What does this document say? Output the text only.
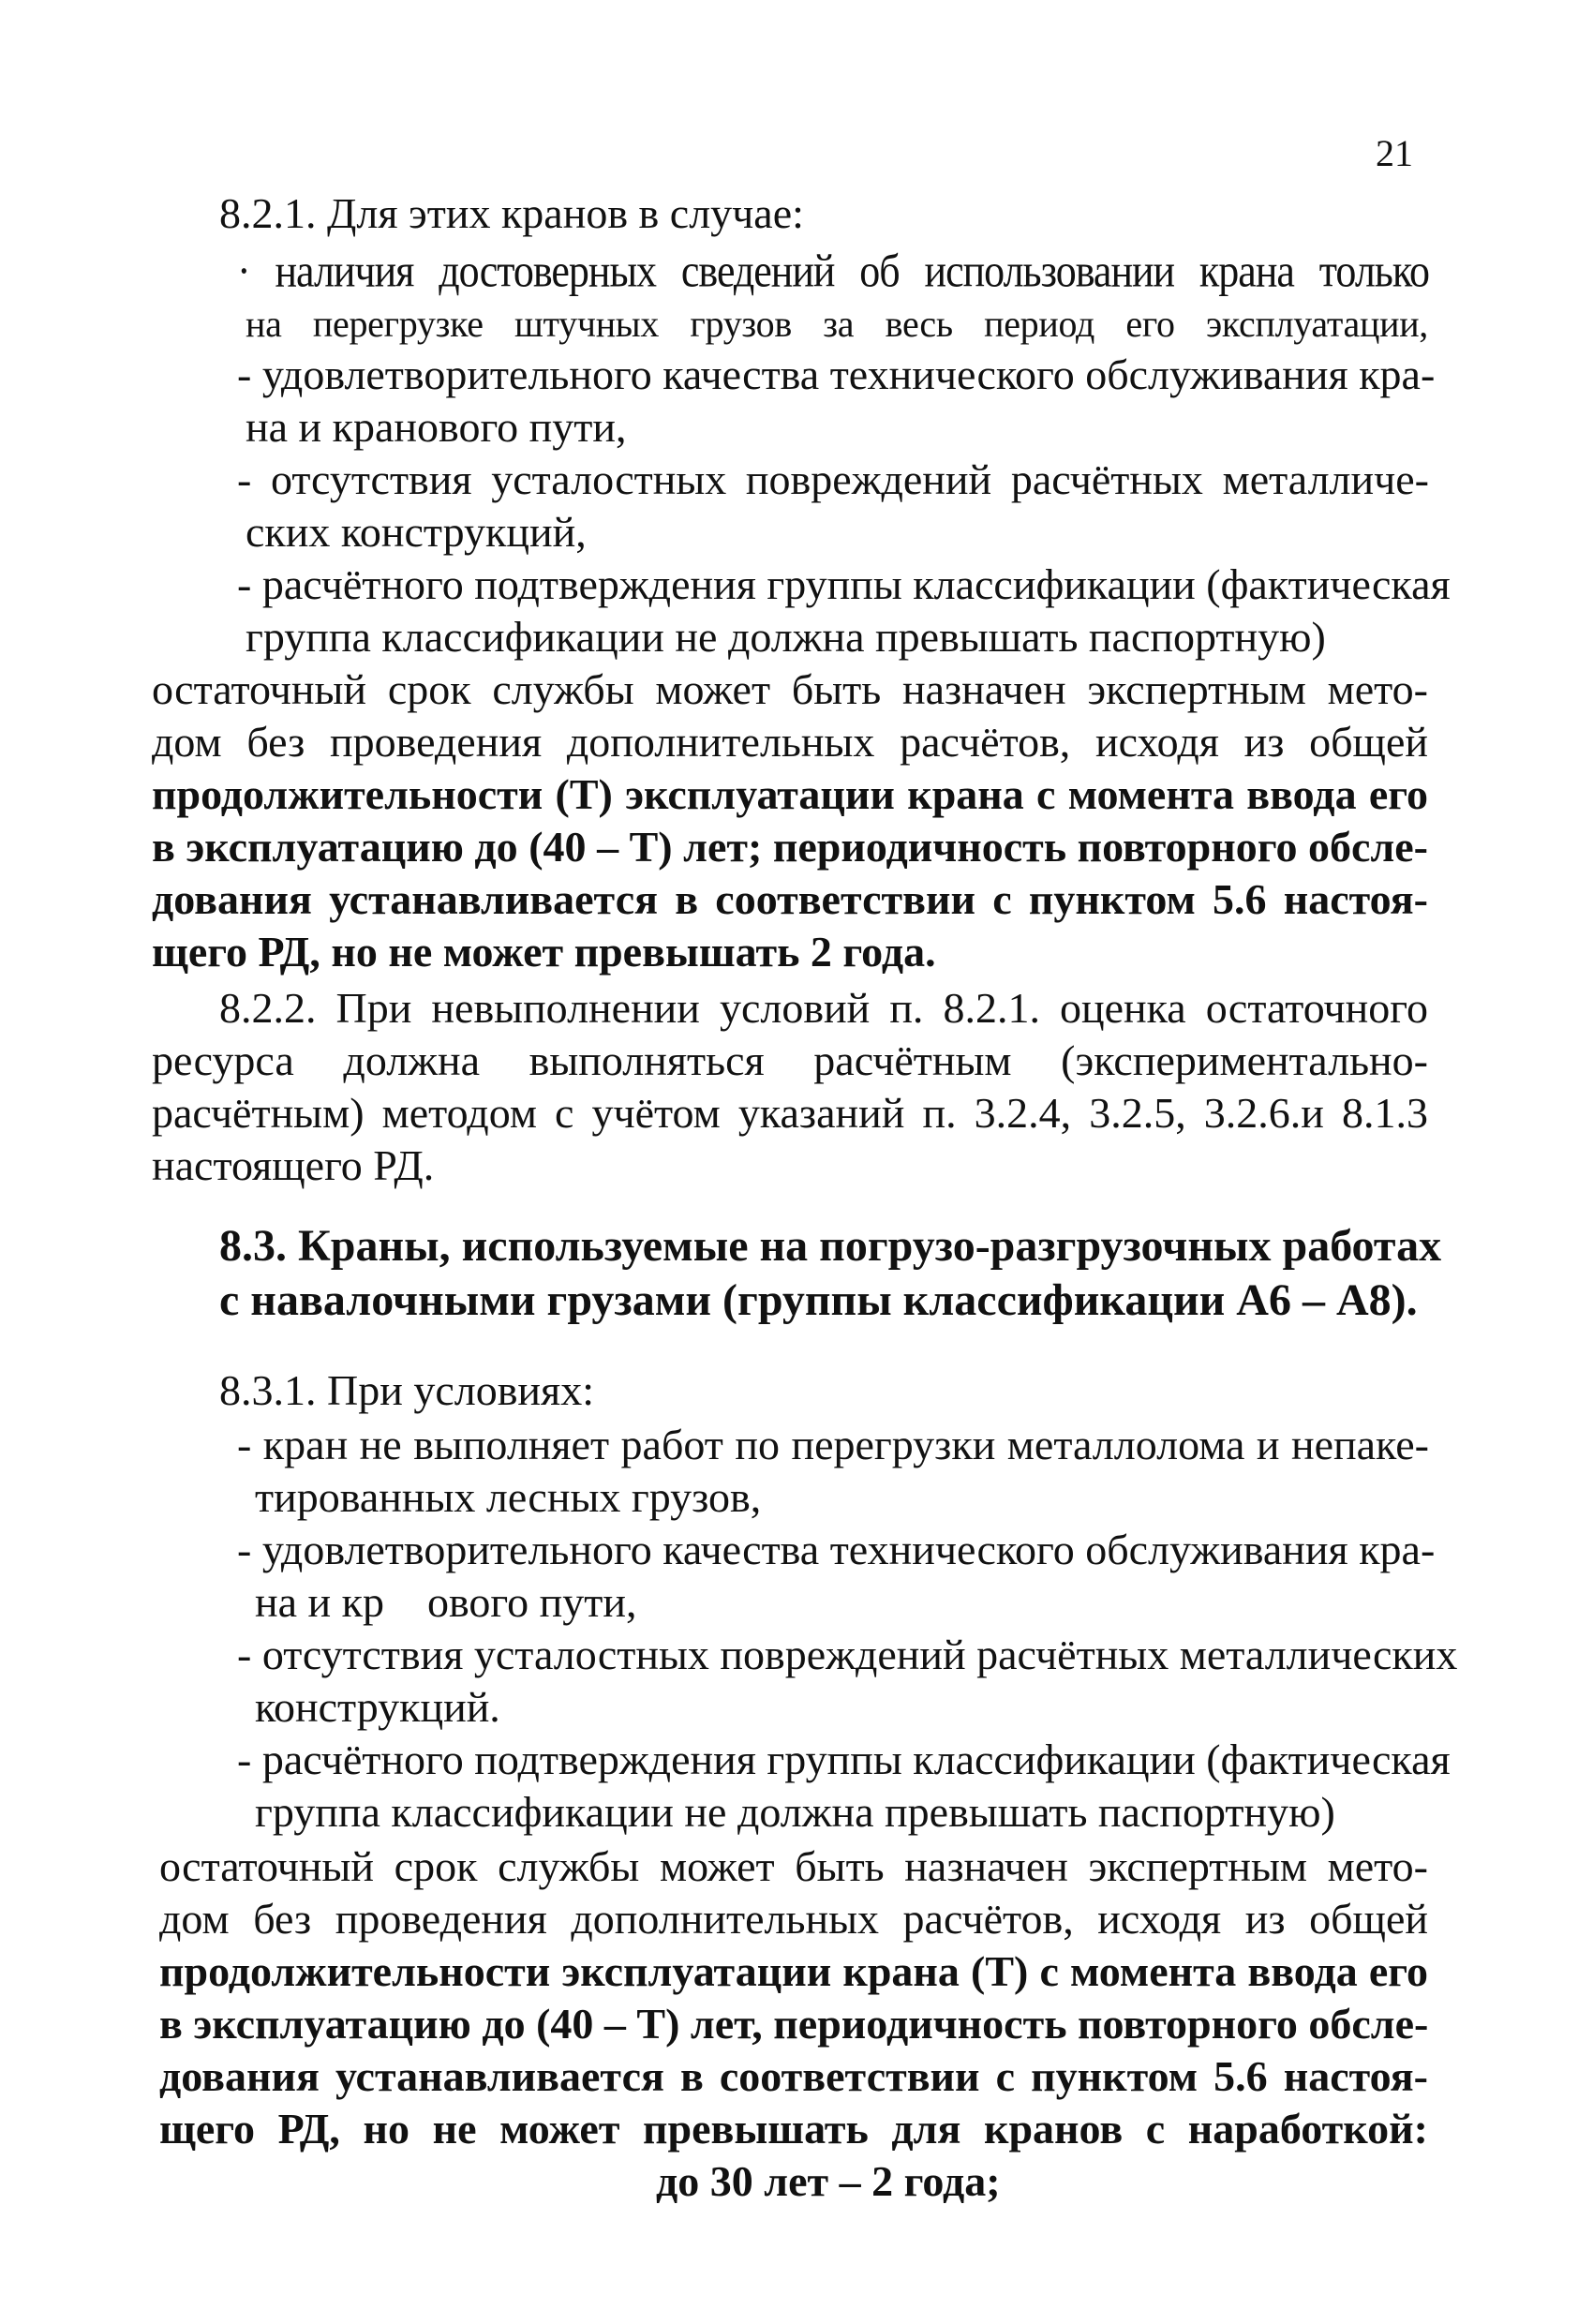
21
8.2.1. Для этих кранов в случае:
· наличия достоверных сведений об использовании крана только
на перегрузке штучных грузов за весь период его эксплуатации,
- удовлетворительного качества технического обслуживания кра-
на и кранового пути,
- отсутствия усталостных повреждений расчётных металличе-
ских конструкций,
- расчётного подтверждения группы классификации (фактическая
группа классификации не должна превышать паспортную)
остаточный срок службы может быть назначен экспертным мето-
дом без проведения дополнительных расчётов, исходя из общей
продолжительности (Т) эксплуатации крана с момента ввода его
в эксплуатацию до (40 – Т) лет; периодичность повторного обсле-
дования устанавливается в соответствии с пунктом 5.6 настоя-
щего РД, но не может превышать 2 года.
8.2.2. При невыполнении условий п. 8.2.1. оценка остаточного
ресурса должна выполняться расчётным (экспериментально-
расчётным) методом с учётом указаний п. 3.2.4, 3.2.5, 3.2.6.и 8.1.3
настоящего РД.
8.3. Краны, используемые на погрузо-разгрузочных работах
с навалочными грузами (группы классификации А6 – А8).
8.3.1. При условиях:
- кран не выполняет работ по перегрузки металлолома и непаке-
тированных лесных грузов,
- удовлетворительного качества технического обслуживания кра-
на и кр    ового пути,
- отсутствия усталостных повреждений расчётных металлических
конструкций.
- расчётного подтверждения группы классификации (фактическая
группа классификации не должна превышать паспортную)
остаточный срок службы может быть назначен экспертным мето-
дом без проведения дополнительных расчётов, исходя из общей
продолжительности эксплуатации крана (Т) с момента ввода его
в эксплуатацию до (40 – Т) лет, периодичность повторного обсле-
дования устанавливается в соответствии с пунктом 5.6 настоя-
щего РД, но не может превышать для кранов с наработкой:
до 30 лет – 2 года;
